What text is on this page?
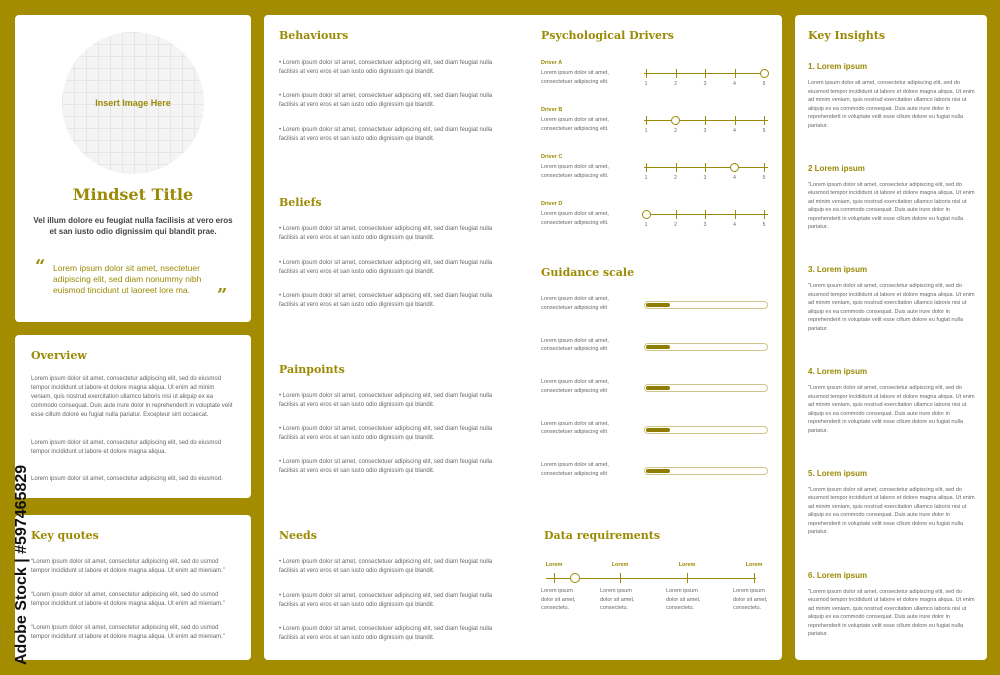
Insert Image Here
Mindset Title
Vel illum dolore eu feugiat nulla facilisis at vero eros et san iusto odio dignissim qui blandit prae.
“ Lorem ipsum dolor sit amet, nsectetuer adipiscing elit, sed diam nonummy nibh euismod tincidunt ut laoreet lore ma.	”
Overview
Lorem ipsum dolor sit amet, consectetur adipiscing elit, sed do eiusmod tempor incididunt ut labore et dolore magna aliqua. Ut enim ad minim veniam, quis nostrud exercitation ullamco laboris nisi ut aliquip ex ea commodo consequat. Duis aute irure dolor in reprehenderit in voluptate velit esse cillum dolore eu fugiat nulla pariatur. Excepteur sint occaecat.
Lorem ipsum dolor sit amet, consectetur adipiscing elit, sed do eiusmod tempor incididunt ut labore et dolore magna aliqua.
Lorem ipsum dolor sit amet, consectetur adipiscing elit, sed do eiusmod.
Key quotes
“Lorem ipsum dolor sit amet, consectetur adipiscing elit, sed do usmod tempor incididunt ut labore et dolore magna aliqua. Ut enim ad mieniam.”
“Lorem ipsum dolor sit amet, consectetur adipiscing elit, sed do usmod tempor incididunt ut labore et dolore magna aliqua. Ut enim ad mieniam.”
“Lorem ipsum dolor sit amet, consectetur adipiscing elit, sed do usmod tempor incididunt ut labore et dolore magna aliqua. Ut enim ad mieniam.”
Behaviours
• Lorem ipsum dolor sit amet, consectetuer adipiscing elit, sed diam feugiat nulla facilisis at vero eros et san iusto odio dignissim qui blandit.
• Lorem ipsum dolor sit amet, consectetuer adipiscing elit, sed diam feugiat nulla facilisis at vero eros et san iusto odio dignissim qui blandit.
• Lorem ipsum dolor sit amet, consectetuer adipiscing elit, sed diam feugiat nulla facilisis at vero eros et san iusto odio dignissim qui blandit.
Beliefs
• Lorem ipsum dolor sit amet, consectetuer adipiscing elit, sed diam feugiat nulla facilisis at vero eros et san iusto odio dignissim qui blandit.
• Lorem ipsum dolor sit amet, consectetuer adipiscing elit, sed diam feugiat nulla facilisis at vero eros et san iusto odio dignissim qui blandit.
• Lorem ipsum dolor sit amet, consectetuer adipiscing elit, sed diam feugiat nulla facilisis at vero eros et san iusto odio dignissim qui blandit.
Painpoints
• Lorem ipsum dolor sit amet, consectetuer adipiscing elit, sed diam feugiat nulla facilisis at vero eros et san iusto odio dignissim qui blandit.
• Lorem ipsum dolor sit amet, consectetuer adipiscing elit, sed diam feugiat nulla facilisis at vero eros et san iusto odio dignissim qui blandit.
• Lorem ipsum dolor sit amet, consectetuer adipiscing elit, sed diam feugiat nulla facilisis at vero eros et san iusto odio dignissim qui blandit.
Needs
• Lorem ipsum dolor sit amet, consectetuer adipiscing elit, sed diam feugiat nulla facilisis at vero eros et san iusto odio dignissim qui blandit.
• Lorem ipsum dolor sit amet, consectetuer adipiscing elit, sed diam feugiat nulla facilisis at vero eros et san iusto odio dignissim qui blandit.
• Lorem ipsum dolor sit amet, consectetuer adipiscing elit, sed diam feugiat nulla facilisis at vero eros et san iusto odio dignissim qui blandit.
Psychological Drivers
Driver A
Lorem ipsum dolor sit amet, consectetuer adipiscing elit.	1	2	3	4	5
Driver B
Lorem ipsum dolor sit amet, consectetuer adipiscing elit.	1	2	3	4	5
Driver C
Lorem ipsum dolor sit amet, consectetuer adipiscing elit.	1	2	3	4	5
Driver D
Lorem ipsum dolor sit amet, consectetuer adipiscing elit.	1	2	3	4	5
Guidance scale
Lorem ipsum dolor sit amet, consectetuer adipiscing elit
Lorem ipsum dolor sit amet, consectetuer adipiscing elit
Lorem ipsum dolor sit amet, consectetuer adipiscing elit
Lorem ipsum dolor sit amet, consectetuer adipiscing elit
Lorem ipsum dolor sit amet, consectetuer adipiscing elit
Data requirements
Lorem
Lorem ipsum dolor sit amet, consectetu.
Lorem
Lorem ipsum dolor sit amet, consectetu.
Lorem
Lorem ipsum dolor sit amet, consectetu.
Lorem
Lorem ipsum dolor sit amet, consectetu.
Key Insights
1. Lorem ipsum
Lorem ipsum dolor sit amet, consectetur adipiscing elit, sed do eiusmod tempor incididunt ut labore et dolore magna aliqua. Ut enim ad minim veniam, quis nostrud exercitation ullamco laboris nisi ut aliquip ex ea commodo consequat. Duis aute irure dolor in reprehenderit in voluptate velit esse cillum dolore eu fugiat nulla pariatur.
2 Lorem ipsum
"Lorem ipsum dolor sit amet, consectetur adipiscing elit, sed do eiusmod tempor incididunt ut labore et dolore magna aliqua. Ut enim ad minim veniam, quis nostrud exercitation ullamco laboris nisi ut aliquip ex ea commodo consequat. Duis aute irure dolor in reprehenderit in voluptate velit esse cillum dolore eu fugiat nulla pariatur.
3. Lorem ipsum
"Lorem ipsum dolor sit amet, consectetur adipiscing elit, sed do eiusmod tempor incididunt ut labore et dolore magna aliqua. Ut enim ad minim veniam, quis nostrud exercitation ullamco laboris nisi ut aliquip ex ea commodo consequat. Duis aute irure dolor in reprehenderit in voluptate velit esse cillum dolore eu fugiat nulla pariatur.
4. Lorem ipsum
"Lorem ipsum dolor sit amet, consectetur adipiscing elit, sed do eiusmod tempor incididunt ut labore et dolore magna aliqua. Ut enim ad minim veniam, quis nostrud exercitation ullamco laboris nisi ut aliquip ex ea commodo consequat. Duis aute irure dolor in reprehenderit in voluptate velit esse cillum dolore eu fugiat nulla pariatur.
5. Lorem ipsum
"Lorem ipsum dolor sit amet, consectetur adipiscing elit, sed do eiusmod tempor incididunt ut labore et dolore magna aliqua. Ut enim ad minim veniam, quis nostrud exercitation ullamco laboris nisi ut aliquip ex ea commodo consequat. Duis aute irure dolor in reprehenderit in voluptate velit esse cillum dolore eu fugiat nulla pariatur.
6. Lorem ipsum
"Lorem ipsum dolor sit amet, consectetur adipiscing elit, sed do eiusmod tempor incididunt ut labore et dolore magna aliqua. Ut enim ad minim veniam, quis nostrud exercitation ullamco laboris nisi ut aliquip ex ea commodo consequat. Duis aute irure dolor in reprehenderit in voluptate velit esse cillum dolore eu fugiat nulla pariatur.
Adobe Stock | #597465829
